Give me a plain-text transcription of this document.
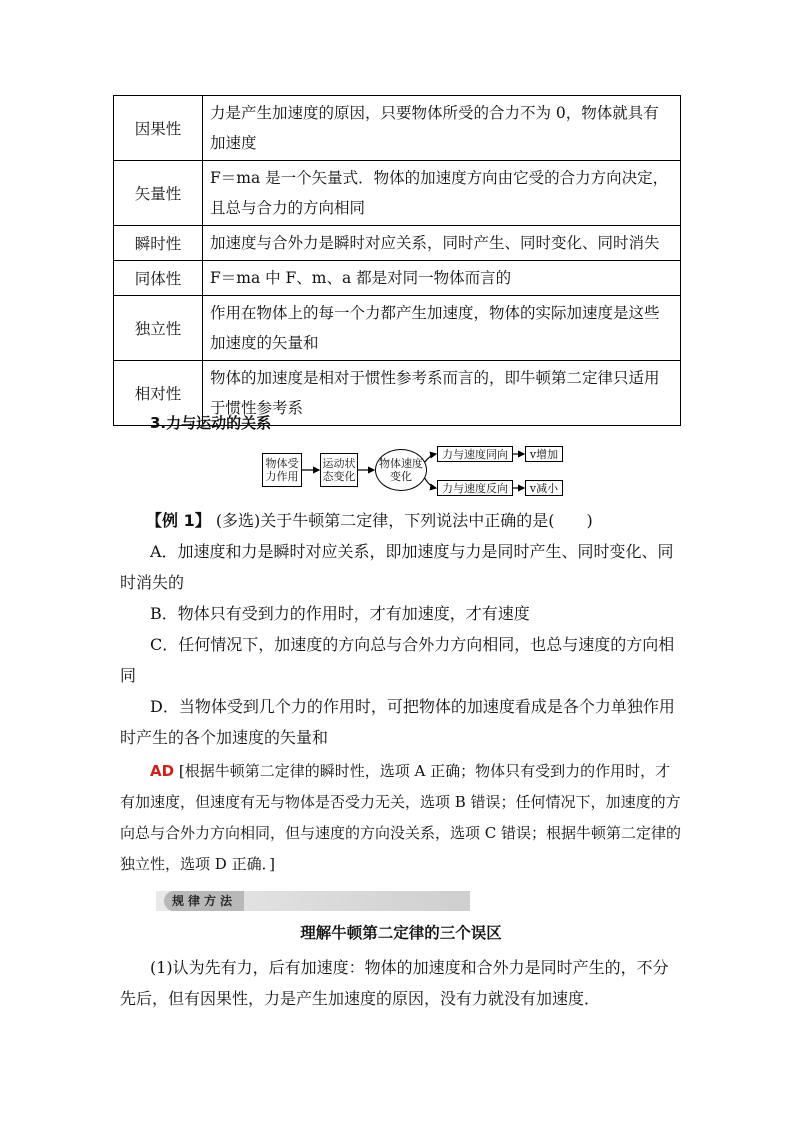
因果性	力是产生加速度的原因，只要物体所受的合力不为 0，物体就具有加速度
矢量性	F＝ma 是一个矢量式．物体的加速度方向由它受的合力方向决定，且总与合力的方向相同
瞬时性	加速度与合外力是瞬时对应关系，同时产生、同时变化、同时消失
同体性	F＝ma 中 F、m、a 都是对同一物体而言的
独立性	作用在物体上的每一个力都产生加速度，物体的实际加速度是这些加速度的矢量和
相对性	物体的加速度是相对于惯性参考系而言的，即牛顿第二定律只适用于惯性参考系
3.力与运动的关系
物体受力作用
运动状态变化
物体速度变化
力与速度同向	v增加
力与速度反向	v减小
【例 1】 (多选)关于牛顿第二定律，下列说法中正确的是(　　)
A．加速度和力是瞬时对应关系，即加速度与力是同时产生、同时变化、同时消失的
B．物体只有受到力的作用时，才有加速度，才有速度
C．任何情况下，加速度的方向总与合外力方向相同，也总与速度的方向相同
D．当物体受到几个力的作用时，可把物体的加速度看成是各个力单独作用时产生的各个加速度的矢量和
AD [根据牛顿第二定律的瞬时性，选项 A 正确；物体只有受到力的作用时，才有加速度，但速度有无与物体是否受力无关，选项 B 错误；任何情况下，加速度的方向总与合外力方向相同，但与速度的方向没关系，选项 C 错误；根据牛顿第二定律的独立性，选项 D 正确．]
规律方法
理解牛顿第二定律的三个误区
(1)认为先有力，后有加速度：物体的加速度和合外力是同时产生的，不分先后，但有因果性，力是产生加速度的原因，没有力就没有加速度．
